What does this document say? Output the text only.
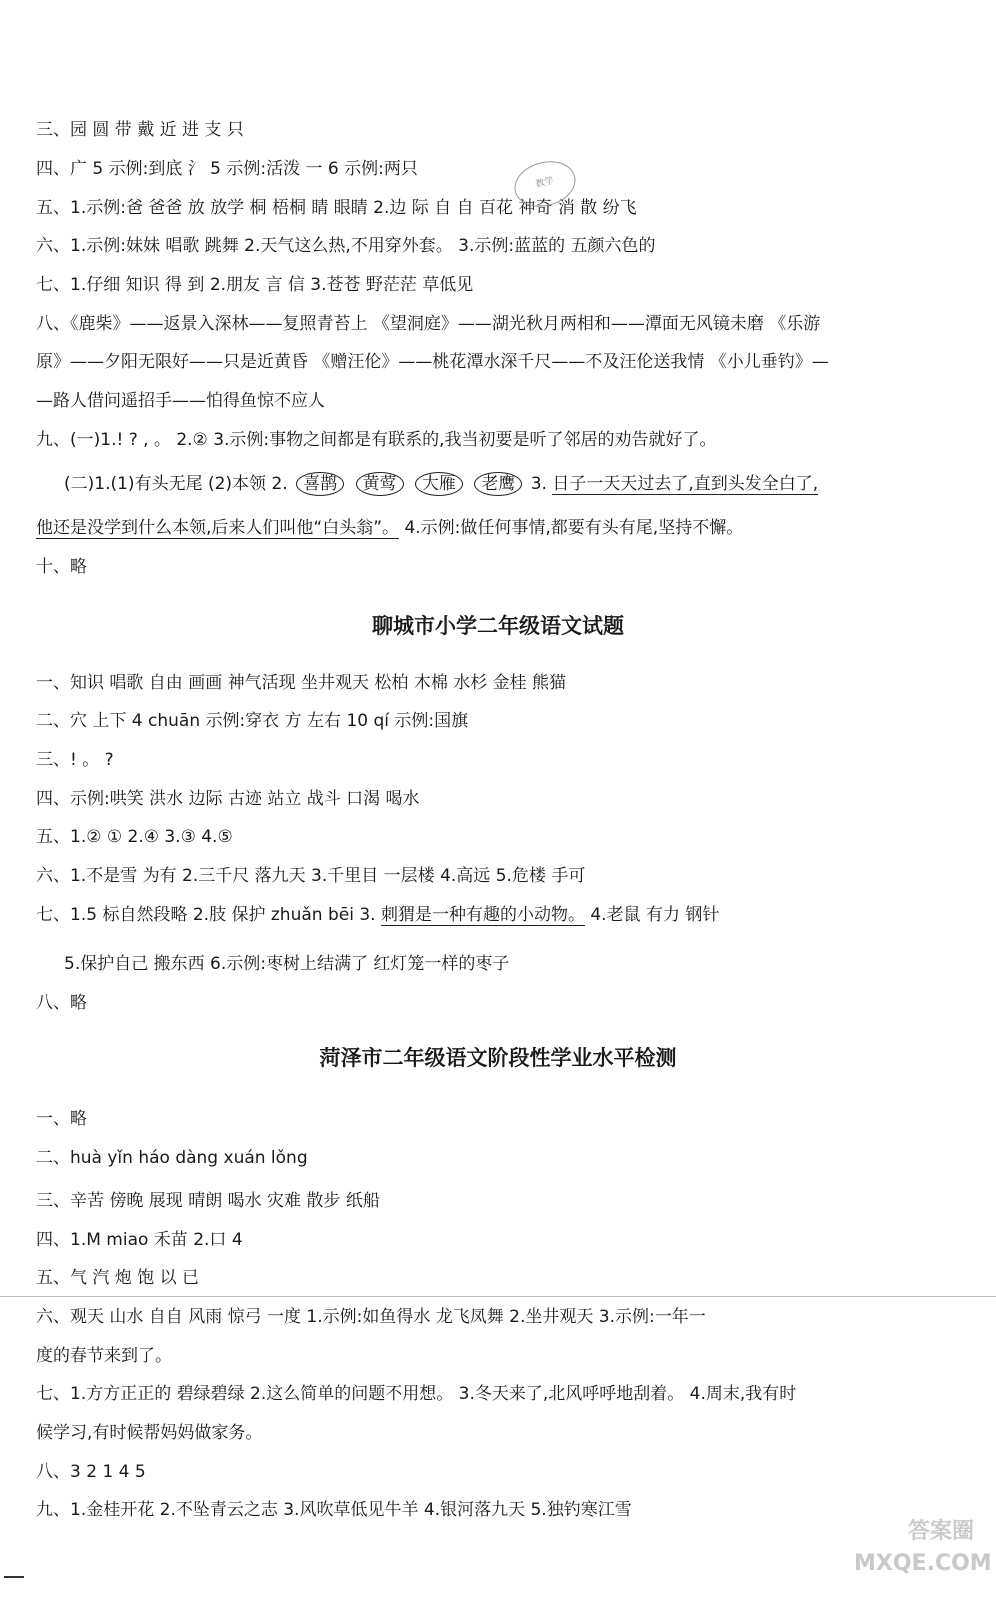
三、园 圆 带 戴 近 进 支 只
四、广 5 示例:到底 氵 5 示例:活泼 一 6 示例:两只
五、1.示例:爸 爸爸 放 放学 桐 梧桐 睛 眼睛 2.边 际 自 自 百花 神奇 消 散 纷飞
教学
六、1.示例:妹妹 唱歌 跳舞 2.天气这么热,不用穿外套。 3.示例:蓝蓝的 五颜六色的
七、1.仔细 知识 得 到 2.朋友 言 信 3.苍苍 野茫茫 草低见
八、《鹿柴》——返景入深林——复照青苔上 《望洞庭》——湖光秋月两相和——潭面无风镜未磨 《乐游
原》——夕阳无限好——只是近黄昏 《赠汪伦》——桃花潭水深千尺——不及汪伦送我情 《小儿垂钓》—
—路人借问遥招手——怕得鱼惊不应人
九、(一)1.! ? , 。 2.② 3.示例:事物之间都是有联系的,我当初要是听了邻居的劝告就好了。
(二)1.(1)有头无尾 (2)本领 2. 喜鹊 黄莺 大雁 老鹰 3. 日子一天天过去了,直到头发全白了,
他还是没学到什么本领,后来人们叫他“白头翁”。 4.示例:做任何事情,都要有头有尾,坚持不懈。
十、略
聊城市小学二年级语文试题
一、知识 唱歌 自由 画画 神气活现 坐井观天 松柏 木棉 水杉 金桂 熊猫
二、穴 上下 4 chuān 示例:穿衣 方 左右 10 qí 示例:国旗
三、! 。 ?
四、示例:哄笑 洪水 边际 古迹 站立 战斗 口渴 喝水
五、1.② ① 2.④ 3.③ 4.⑤
六、1.不是雪 为有 2.三千尺 落九天 3.千里目 一层楼 4.高远 5.危楼 手可
七、1.5 标自然段略 2.肢 保护 zhuǎn bēi 3. 刺猬是一种有趣的小动物。 4.老鼠 有力 钢针
5.保护自己 搬东西 6.示例:枣树上结满了 红灯笼一样的枣子
八、略
菏泽市二年级语文阶段性学业水平检测
一、略
二、huà yǐn háo dàng xuán lǒng
三、辛苦 傍晚 展现 晴朗 喝水 灾难 散步 纸船
四、1.M miao 禾苗 2.口 4
五、气 汽 炮 饱 以 已
六、观天 山水 自自 风雨 惊弓 一度 1.示例:如鱼得水 龙飞凤舞 2.坐井观天 3.示例:一年一
度的春节来到了。
七、1.方方正正的 碧绿碧绿 2.这么简单的问题不用想。 3.冬天来了,北风呼呼地刮着。 4.周末,我有时
候学习,有时候帮妈妈做家务。
八、3 2 1 4 5
九、1.金桂开花 2.不坠青云之志 3.风吹草低见牛羊 4.银河落九天 5.独钓寒江雪
答案圈
MXQE.COM
